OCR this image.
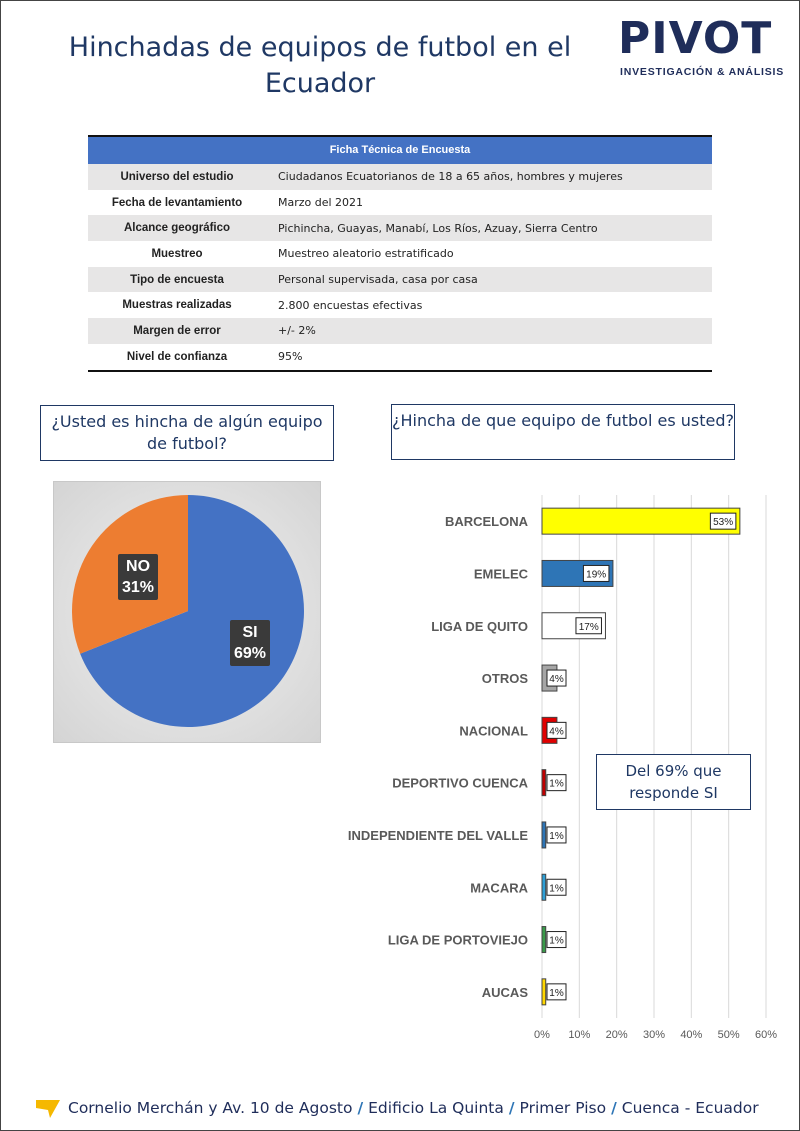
Hinchadas de equipos de futbol en el Ecuador
PIVOT
INVESTIGACIÓN & ANÁLISIS
Ficha Técnica de Encuesta
Universo del estudio	Ciudadanos Ecuatorianos de 18 a 65 años, hombres y mujeres
Fecha de levantamiento	Marzo del 2021
Alcance geográfico	Pichincha, Guayas, Manabí, Los Ríos, Azuay, Sierra Centro
Muestreo	Muestreo aleatorio estratificado
Tipo de encuesta	Personal supervisada, casa por casa
Muestras realizadas	2.800 encuestas efectivas
Margen de error	+/- 2%
Nivel de confianza	95%
¿Usted es hincha de algún equipo de futbol?
¿Hincha de que equipo de futbol es usted?
SI
69%
NO
31%
0% 10% 20% 30% 40% 50% 60%
BARCELONA	53%
EMELEC	19%
LIGA DE QUITO	17%
OTROS 4%
NACIONAL 4%
DEPORTIVO CUENCA 1%
INDEPENDIENTE DEL VALLE 1%
MACARA 1%
LIGA DE PORTOVIEJO 1%
AUCAS 1%
Del 69% que responde SI
Cornelio Merchán y Av. 10 de Agosto / Edificio La Quinta / Primer Piso / Cuenca - Ecuador
